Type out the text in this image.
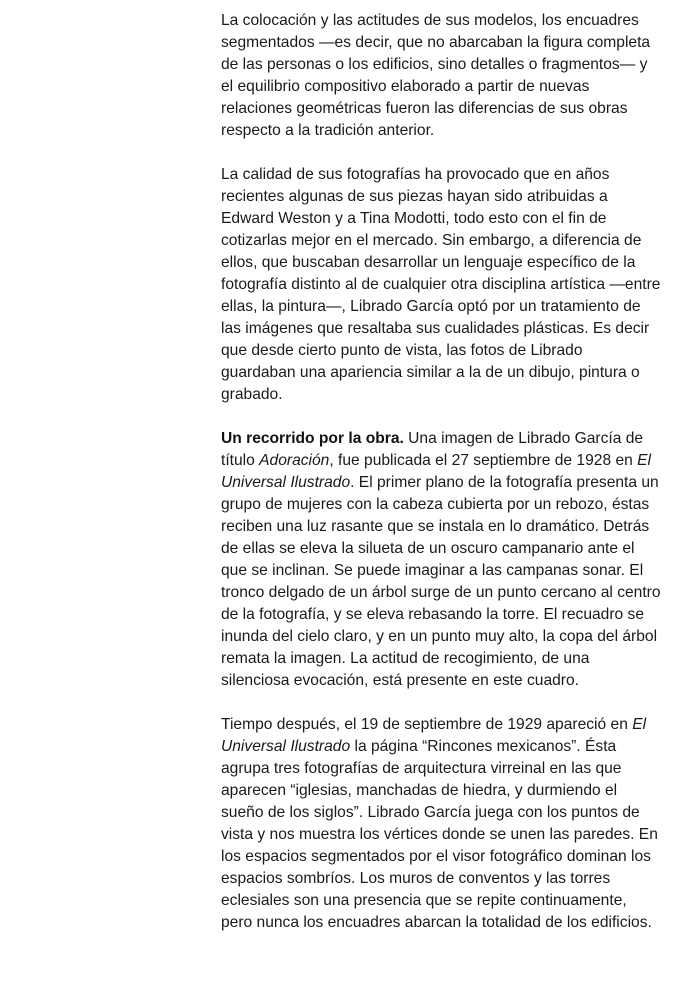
La colocación y las actitudes de sus modelos, los encuadres segmentados —es decir, que no abarcaban la figura completa de las personas o los edificios, sino detalles o fragmentos— y el equilibrio compositivo elaborado a partir de nuevas relaciones geométricas fueron las diferencias de sus obras respecto a la tradición anterior.

La calidad de sus fotografías ha provocado que en años recientes algunas de sus piezas hayan sido atribuidas a Edward Weston y a Tina Modotti, todo esto con el fin de cotizarlas mejor en el mercado. Sin embargo, a diferencia de ellos, que buscaban desarrollar un lenguaje específico de la fotografía distinto al de cualquier otra disciplina artística —entre ellas, la pintura—, Librado García optó por un tratamiento de las imágenes que resaltaba sus cualidades plásticas. Es decir que desde cierto punto de vista, las fotos de Librado guardaban una apariencia similar a la de un dibujo, pintura o grabado.

Un recorrido por la obra. Una imagen de Librado García de título Adoración, fue publicada el 27 septiembre de 1928 en El Universal Ilustrado. El primer plano de la fotografía presenta un grupo de mujeres con la cabeza cubierta por un rebozo, éstas reciben una luz rasante que se instala en lo dramático. Detrás de ellas se eleva la silueta de un oscuro campanario ante el que se inclinan. Se puede imaginar a las campanas sonar. El tronco delgado de un árbol surge de un punto cercano al centro de la fotografía, y se eleva rebasando la torre. El recuadro se inunda del cielo claro, y en un punto muy alto, la copa del árbol remata la imagen. La actitud de recogimiento, de una silenciosa evocación, está presente en este cuadro.

Tiempo después, el 19 de septiembre de 1929 apareció en El Universal Ilustrado la página “Rincones mexicanos”. Ésta agrupa tres fotografías de arquitectura virreinal en las que aparecen “iglesias, manchadas de hiedra, y durmiendo el sueño de los siglos”. Librado García juega con los puntos de vista y nos muestra los vértices donde se unen las paredes. En los espacios segmentados por el visor fotográfico dominan los espacios sombríos. Los muros de conventos y las torres eclesiales son una presencia que se repite continuamente, pero nunca los encuadres abarcan la totalidad de los edificios.
